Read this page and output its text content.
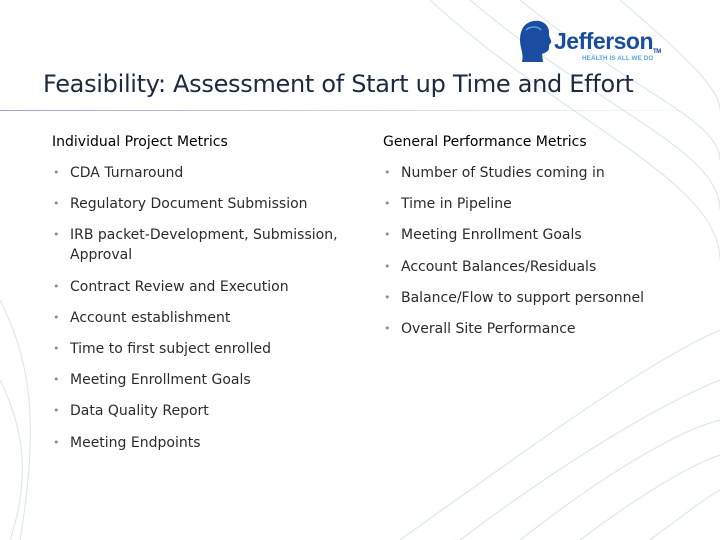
JeffersonTM
HEALTH IS ALL WE DO
Feasibility: Assessment of Start up Time and Effort
Individual Project Metrics
• CDA Turnaround
• Regulatory Document Submission
• IRB packet-Development, Submission, Approval
• Contract Review and Execution
• Account establishment
• Time to first subject enrolled
• Meeting Enrollment Goals
• Data Quality Report
• Meeting Endpoints
General Performance Metrics
• Number of Studies coming in
• Time in Pipeline
• Meeting Enrollment Goals
• Account Balances/Residuals
• Balance/Flow to support personnel
• Overall Site Performance
